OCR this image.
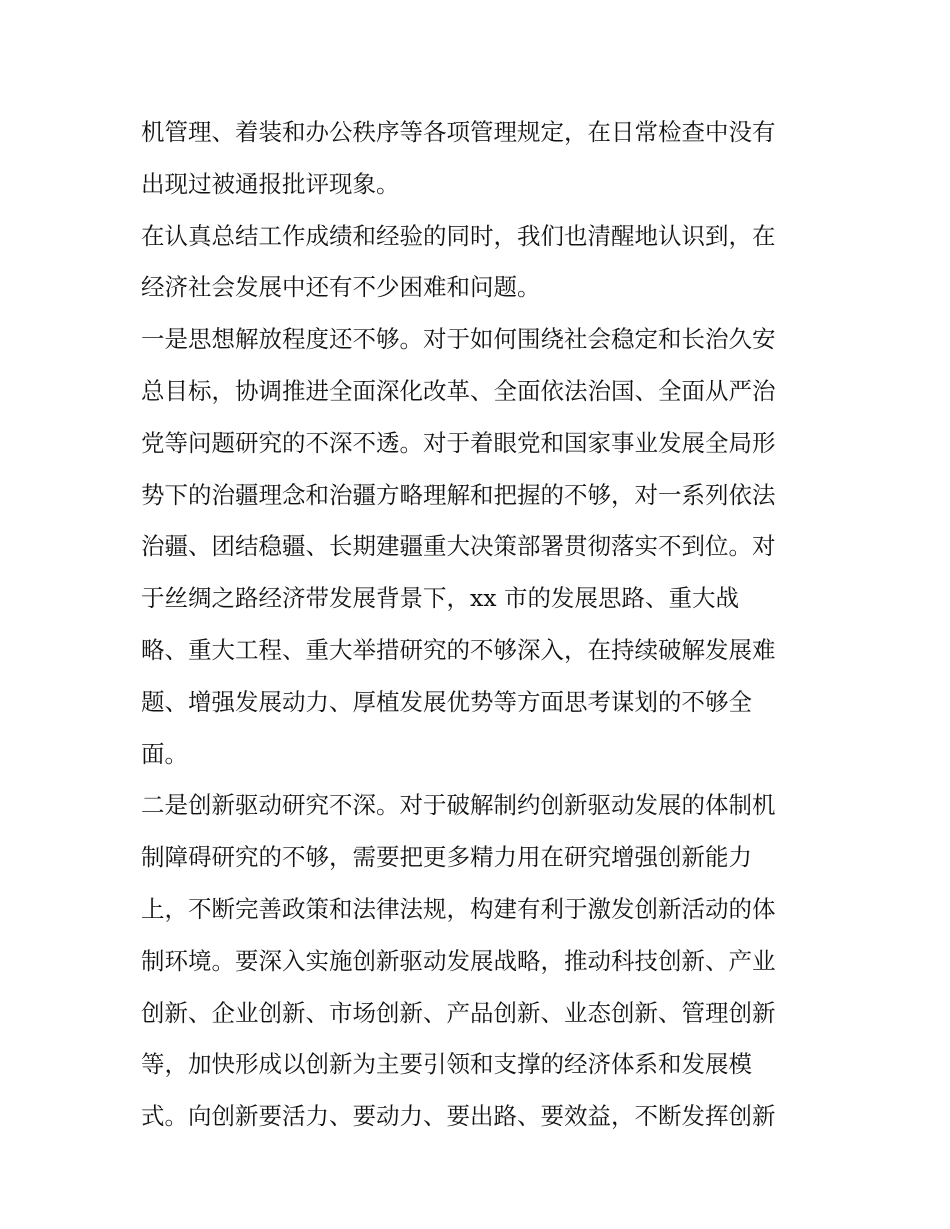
机管理、着装和办公秩序等各项管理规定，在日常检查中没有
出现过被通报批评现象。
在认真总结工作成绩和经验的同时，我们也清醒地认识到，在
经济社会发展中还有不少困难和问题。
一是思想解放程度还不够。对于如何围绕社会稳定和长治久安
总目标，协调推进全面深化改革、全面依法治国、全面从严治
党等问题研究的不深不透。对于着眼党和国家事业发展全局形
势下的治疆理念和治疆方略理解和把握的不够，对一系列依法
治疆、团结稳疆、长期建疆重大决策部署贯彻落实不到位。对
于丝绸之路经济带发展背景下，xx 市的发展思路、重大战
略、重大工程、重大举措研究的不够深入，在持续破解发展难
题、增强发展动力、厚植发展优势等方面思考谋划的不够全
面。
二是创新驱动研究不深。对于破解制约创新驱动发展的体制机
制障碍研究的不够，需要把更多精力用在研究增强创新能力
上，不断完善政策和法律法规，构建有利于激发创新活动的体
制环境。要深入实施创新驱动发展战略，推动科技创新、产业
创新、企业创新、市场创新、产品创新、业态创新、管理创新
等，加快形成以创新为主要引领和支撑的经济体系和发展模
式。向创新要活力、要动力、要出路、要效益，不断发挥创新
